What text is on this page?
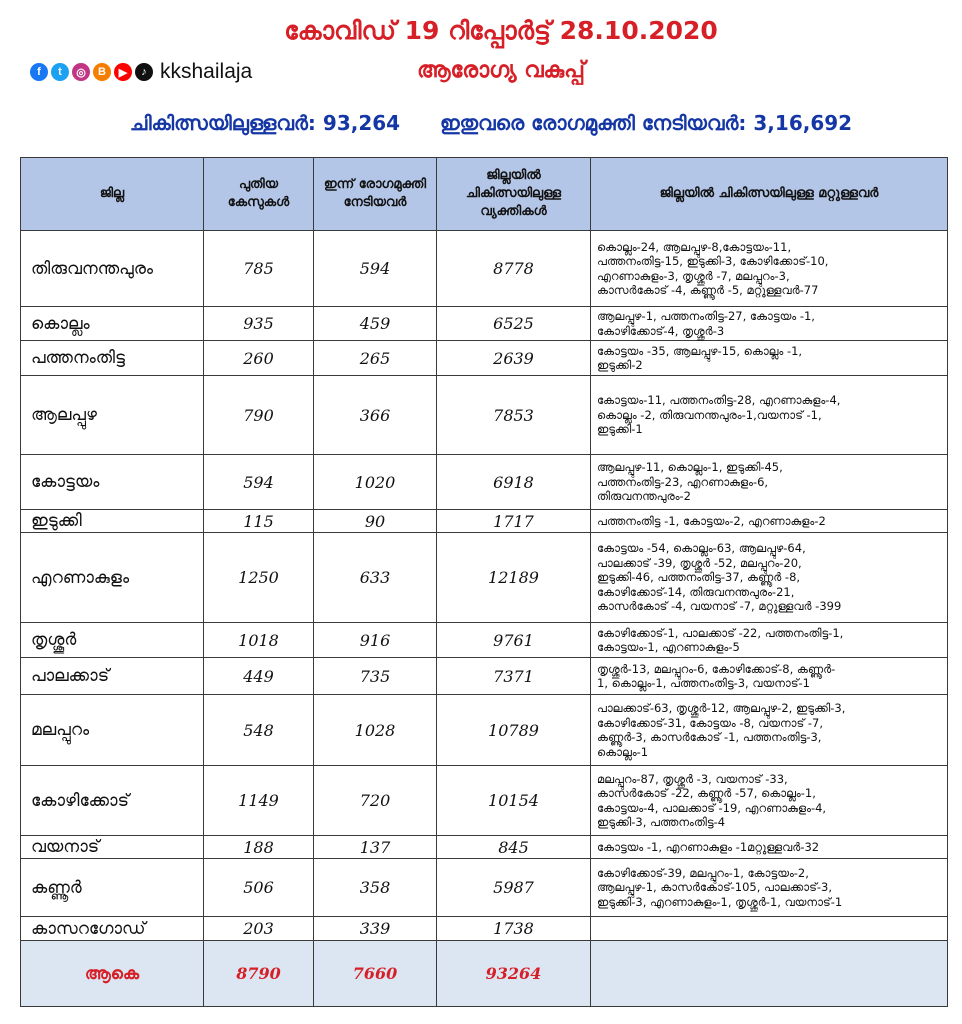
കോവിഡ് 19 റിപ്പോർട്ട് 28.10.2020
f	t	◎	B	▶	♪ kkshailaja	ആരോഗ്യ വകുപ്പ്
ചികിത്സയിലുള്ളവർ: 93,264 ഇതുവരെ രോഗമുക്തി നേടിയവർ: 3,16,692
ജില്ല	പുതിയ കേസുകൾ	ഇന്ന് രോഗമുക്തി നേടിയവർ	ജില്ലയിൽ ചികിത്സയിലുള്ള വ്യക്തികൾ	ജില്ലയിൽ ചികിത്സയിലുള്ള മറ്റുള്ളവർ
തിരുവനന്തപുരം	785	594	8778	കൊല്ലം-24, ആലപ്പുഴ-8,കോട്ടയം-11,
പത്തനംതിട്ട-15, ഇടുക്കി-3, കോഴിക്കോട്-10,
എറണാകുളം-3, തൃശ്ശൂർ -7, മലപ്പുറം-3,
കാസർകോട് -4, കണ്ണൂർ -5, മറ്റുള്ളവർ-77

കൊല്ലം	935	459	6525	ആലപ്പുഴ-1, പത്തനംതിട്ട-27, കോട്ടയം -1,
കോഴിക്കോട്-4, തൃശ്ശൂർ-3

പത്തനംതിട്ട	260	265	2639	കോട്ടയം -35, ആലപ്പുഴ-15, കൊല്ലം -1,
ഇടുക്കി-2

ആലപ്പുഴ	790	366	7853	കോട്ടയം-11, പത്തനംതിട്ട-28, എറണാകുളം-4,
കൊല്ലം -2, തിരുവനന്തപുരം-1,വയനാട് -1,
ഇടുക്കി-1

കോട്ടയം	594	1020	6918	ആലപ്പുഴ-11, കൊല്ലം-1, ഇടുക്കി-45,
പത്തനംതിട്ട-23, എറണാകുളം-6,
തിരുവനന്തപുരം-2

ഇടുക്കി	115	90	1717	പത്തനംതിട്ട -1, കോട്ടയം-2, എറണാകുളം-2

എറണാകുളം	1250	633	12189	കോട്ടയം -54, കൊല്ലം-63, ആലപ്പുഴ-64,
പാലക്കാട് -39, തൃശ്ശൂർ -52, മലപ്പുറം-20,
ഇടുക്കി-46, പത്തനംതിട്ട-37, കണ്ണൂർ -8,
കോഴിക്കോട്-14, തിരുവനന്തപുരം-21,
കാസർകോട് -4, വയനാട് -7, മറ്റുള്ളവർ -399

തൃശ്ശൂർ	1018	916	9761	കോഴിക്കോട്-1, പാലക്കാട് -22, പത്തനംതിട്ട-1,
കോട്ടയം-1, എറണാകുളം-5

പാലക്കാട്	449	735	7371	തൃശ്ശൂർ-13, മലപ്പുറം-6, കോഴിക്കോട്-8, കണ്ണൂർ-
1, കൊല്ലം-1, പത്തനംതിട്ട-3, വയനാട്-1

മലപ്പുറം	548	1028	10789	പാലക്കാട്-63, തൃശ്ശൂർ-12, ആലപ്പുഴ-2, ഇടുക്കി-3,
കോഴിക്കോട്-31, കോട്ടയം -8, വയനാട് -7,
കണ്ണൂർ-3, കാസർകോട് -1, പത്തനംതിട്ട-3,
കൊല്ലം-1

കോഴിക്കോട്	1149	720	10154	മലപ്പുറം-87, തൃശ്ശൂർ -3, വയനാട് -33,
കാസർകോട് -22, കണ്ണൂർ -57, കൊല്ലം-1,
കോട്ടയം-4, പാലക്കാട് -19, എറണാകുളം-4,
ഇടുക്കി-3, പത്തനംതിട്ട-4

വയനാട്	188	137	845	കോട്ടയം -1, എറണാകുളം -1മറ്റുള്ളവർ-32

കണ്ണൂർ	506	358	5987	കോഴിക്കോട്-39, മലപ്പുറം-1, കോട്ടയം-2,
ആലപ്പുഴ-1, കാസർകോട്-105, പാലക്കാട്-3,
ഇടുക്കി-3, എറണാകുളം-1, തൃശ്ശൂർ-1, വയനാട്-1

കാസറഗോഡ്	203	339	1738	
ആകെ	8790	7660	93264	
